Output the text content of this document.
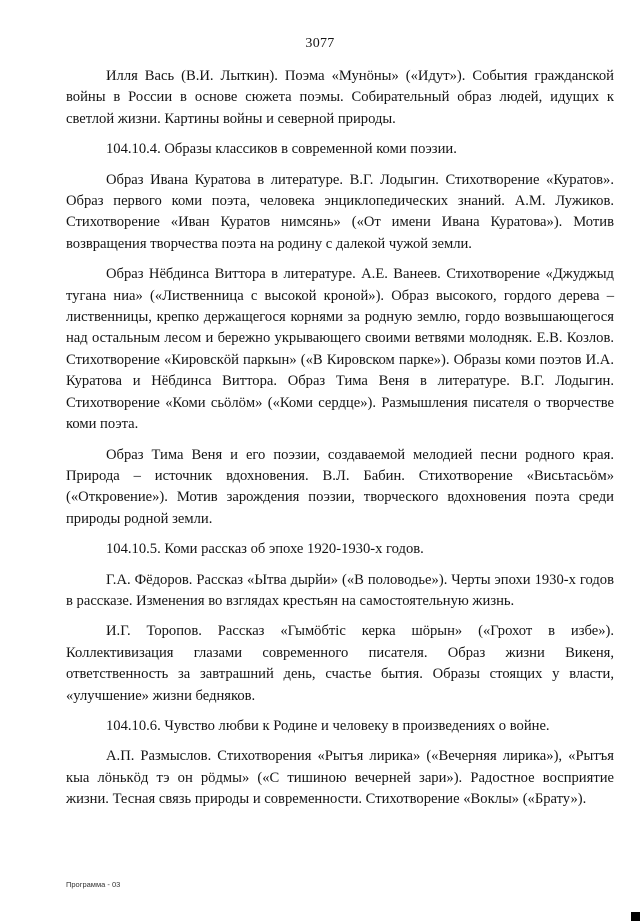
3077

Илля Вась (В.И. Лыткин). Поэма «Мунöны» («Идут»). События гражданской войны в России в основе сюжета поэмы. Собирательный образ людей, идущих к светлой жизни. Картины войны и северной природы.

104.10.4. Образы классиков в современной коми поэзии.

Образ Ивана Куратова в литературе. В.Г. Лодыгин. Стихотворение «Куратов». Образ первого коми поэта, человека энциклопедических знаний. А.М. Лужиков. Стихотворение «Иван Куратов нимсянь» («От имени Ивана Куратова»). Мотив возвращения творчества поэта на родину с далекой чужой земли.

Образ Нёбдинса Виттора в литературе. А.Е. Ванеев. Стихотворение «Джуджыд тугана ниа» («Лиственница с высокой кроной»). Образ высокого, гордого дерева – лиственницы, крепко держащегося корнями за родную землю, гордо возвышающегося над остальным лесом и бережно укрывающего своими ветвями молодняк. Е.В. Козлов. Стихотворение «Кировскöй паркын» («В Кировском парке»). Образы коми поэтов И.А. Куратова и Нёбдинса Виттора. Образ Тима Веня в литературе. В.Г. Лодыгин. Стихотворение «Коми сьöлöм» («Коми сердце»). Размышления писателя о творчестве коми поэта.

Образ Тима Веня и его поэзии, создаваемой мелодией песни родного края. Природа – источник вдохновения. В.Л. Бабин. Стихотворение «Висьтасьöм» («Откровение»). Мотив зарождения поэзии, творческого вдохновения поэта среди природы родной земли.

104.10.5. Коми рассказ об эпохе 1920-1930-х годов.

Г.А. Фёдоров. Рассказ «Ытва дырйи» («В половодье»). Черты эпохи 1930-х годов в рассказе. Изменения во взглядах крестьян на самостоятельную жизнь.

И.Г. Торопов. Рассказ «Гымöбтіс керка шöрын» («Грохот в избе»). Коллективизация глазами современного писателя. Образ жизни Викеня, ответственность за завтрашний день, счастье бытия. Образы стоящих у власти, «улучшение» жизни бедняков.

104.10.6. Чувство любви к Родине и человеку в произведениях о войне.

А.П. Размыслов. Стихотворения «Рытъя лирика» («Вечерняя лирика»), «Рытъя кыа лöнькöд тэ он рöдмы» («С тишиною вечерней зари»). Радостное восприятие жизни. Тесная связь природы и современности. Стихотворение «Воклы» («Брату»).

Программа - 03
